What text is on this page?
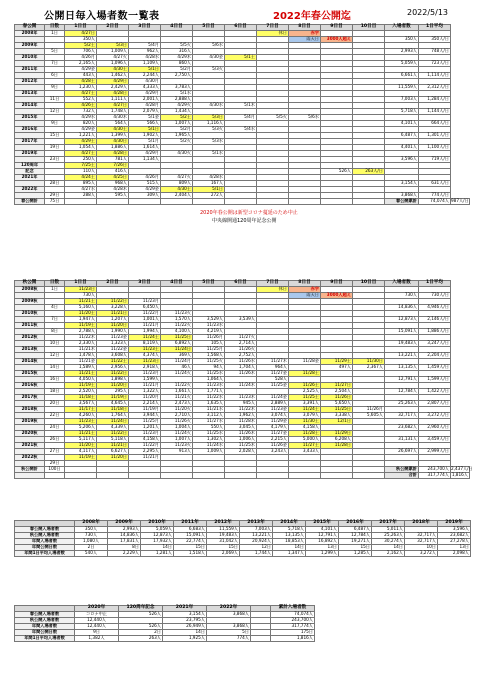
公開日毎入場者数一覧表	2022年春公開迄	2022/5/13
春公開	日数	1日目	2日目	3日目	4日目	5日目	6日目	7日目	8日目	9日目	10日目	入場者数	1日平均	
2008年	1日	4/27日						休日	赤字					
		350人							雨天日	3000人超え		350人	350人/日	
2009年		5/2土	5/3日	5/4月	5/5火	5/6水								
	5日	706人	1,009人	962人	316人							2,993人	748人/日	
2010年		4/26月	4/27火	4/28水	4/29木	4/30金	5/1土							
	7日	2,165人	1,096人	1,109人	860人							5,059人	723人/日	
2011年		4/29金	4/30土	5/1日	5/2月	5/3火								
	6日	443人	1,462人	2,244人	2,750人							6,661人	1,114人/日	
2012年		4/28土	4/29日	4/30月										
	9日	1,230人	2,429人	4,333人	3,783人							11,559人	2,312人/日	
2013年		4/27土	4/28日	4/29月	5/1水									
	11日	552人	1,111人	2,001人	2,888人							7,003人	1,284人/日	
2014年		4/26土	4/27日	4/28月	4/29火	4/30水	5/1木							
	12日	732人	1,748人	2,079人	1,434人							5,718人	1,144人/日	
2015年		4/29水	4/30木	5/1金	5/2土	5/3日	5/4月	5/5火	5/6水					
	9日	820人	564人	566人	1,007人	1,116人						4,101人	664人/日	
2016年		4/29金	4/30土	5/1日	5/2月	5/3火	5/4水							
	15日	1,221人	1,399人	1,902人	1,965人							6,487人	1,301人/日	
2017年		4/29土	4/30日	5/1月	5/2火	5/3水								
	19日	1,054人	1,886人	1,614人								4,401人	1,100人/日	
2019年		4/27土	4/28日	4/29月	4/30火	5/1水								
	23日	250人	781人	1,134人								3,596人	719人/日	
120周年		7/25土	7/26日											
記念		110人	416人							526人	263人/日			
2021年		4/24土	4/25日	4/26月	4/27火	4/28水								
	28日	895人	968人	515人	809人	167人						3,154人	631人/日	
2022年		4/27水	4/28木	4/29金	4/30土	5/1日								
	29日	288人	595人	309人	2,404人	272人						3,868人	774人/日	
春公開計	75日											春公開累計	74,074人	987人/日
2020年春公開は新型コロナ蔓延のため中止
中央線開通120周年記念公開
秋公開	日数	1日目	2日目	3日目	4日目	5日目	6日目	7日目	8日目	9日目	10日目	入場者数	1日平均	
2008秋	1日	11/23日						休日	赤字					
		730人							雨天日	3000人超え		730人	730人/日	
2009秋		11/21土	11/22日	11/23月										
	4日	5,160人	3,228人	6,450人								14,836人	4,946人/日	
2010秋		11/20土	11/21日	11/22月	11/23火									
	7日	1,947人	1,207人	1,001人	1,570人	3,529人	3,539人					12,873人	2,146人/日	
2011秋		11/19土	11/20日	11/21月	11/22火	11/23水								
	8日	2,788人	1,990人	1,994人	4,100人	4,219人						15,091人	1,886人/日	
2012秋		11/22木	11/23金	11/24土	11/25日	11/26月	11/27火							
	10日	2,330人	1,323人	8,119人	6,892人	105人	2,714人					19,483人	3,247人/日	
2013秋		11/21木	11/22金	11/23土	11/24日	11/25月	11/26火							
	12日	1,478人	3,608人	4,374人	369人	1,568人	2,752人					13,221人	2,204人/日	
2014秋		11/21金	11/22土	11/23日	11/24月	11/25火	11/26水	11/27木	11/28金	11/29土	11/30日			
	14日	1,589人	2,956人	2,918人	46人	94人	1,704人	964人		497人	2,367人	13,135人	1,459人/日	
2015秋		11/21土	11/22日	11/23月	11/24火	11/25水	11/26木	11/27金	11/28土					
	16日	4,050人	1,898人	1,599人		1,064人		528人				12,791人	1,599人/日	
2016秋		11/19土	11/20日	11/21月	11/22火	11/23水	11/24木	11/25金	11/26土	11/27日				
	18日	2,520人	295人	1,322人	1,661人	1,771人			2,525人	2,504人		12,784人	1,422人/日	
2017秋		11/18土	11/19日	11/20月	11/21火	11/22水	11/23木	11/24金	11/25土	11/26日				
	20日	3,567人	4,645人	2,214人	2,473人	1,635人	945人	2,889人	3,391人	5,650人		25,263人	2,807人/日	
2018秋		11/17土	11/18日	11/19月	11/20火	11/21水	11/22木	11/23金	11/24土	11/25日	11/26月			
	22日	4,260人	1,764人	3,944人	2,710人	3,112人	1,962人	3,074人	3,079人	3,338人	5,605人	32,717人	3,272人/日	
2019秋		11/23土	11/24日	11/25月	11/26火	11/27水	11/28木	11/29金	11/30土	12/1日				
	24日	5,206人	4,339人	1,201人	1,004人	550人	3,045人	4,179人	4,158人			23,682人	2,960人/日	
2020秋		11/21土	11/22日	11/23月	11/24火	11/25水	11/26木	11/27金	11/28土	11/29日				
	26日	5,117人	5,118人	4,158人	1,007人	1,302人	1,006人	2,215人	5,000人	6,208人		31,131人	3,459人/日	
2021秋		11/20土	11/21日	11/22月	11/23火	11/24水	11/25木	11/26金	11/27土	11/28日				
	27日	4,117人	6,627人	2,295人	913人	1,009人	2,028人	3,243人	3,433人			26,697人	2,999人/日	
2022秋		11/19土	11/20日	11/21月										
	29日													
秋公開計	100日											秋公開累計	243,700人	2,437人/日
												合計	317,774人	1,816人
	2008年	2009年	2010年	2011年	2012年	2013年	2014年	2015年	2016年	2017年	2018年	2019年
春公開入場者数	350人	2,993人	5,059人	6,683人	11,559人	7,003人	5,718人	4,101人	6,487人	5,011人		3,596人
秋公開入場者数	730人	14,836人	12,873人	15,091人	19,483人	13,221人	13,135人	12,791人	12,784人	25,263人	32,717人	23,682人
年間入場者数	1,080人	17,831人	17,932人	22,774人	31,042人	20,924人	18,853人	16,892人	19,271人	30,274人	32,717人	27,278人
年間公開日数	2日	8日	14日	15日	15日	12日	14日	13日	15日	14日	10日	13日
年間1日平均入場者数	540人	2,229人	1,281人	1,518人	2,069人	1,744人	1,347人	1,299人	1,285人	2,162人	3,272人	2,098人
	2020年	120周年記念	2021年	2022年		累計入場者数
春公開入場者数	コロナ中止	526人	3,154人	3,868人		74,074人
秋公開入場者数	12,440人		23,795人			243,700人
年間入場者数	12,440人	526人	26,949人	3,868人		317,774人
年間公開日数	9日	2日	14日	5日		175日
年間1日平均入場者数	1,382人	263人	1,925人	774人		1,816人
